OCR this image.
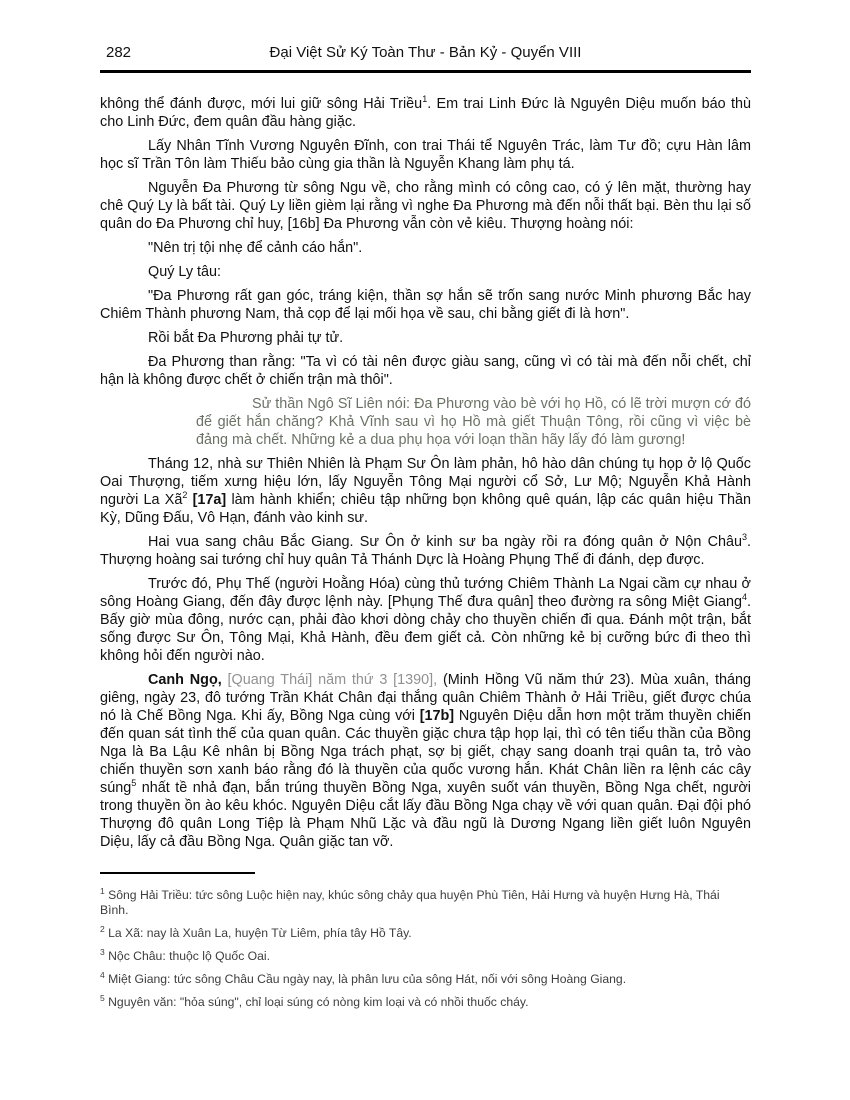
282	Đại Việt Sử Ký Toàn Thư - Bản Kỷ - Quyển VIII

không thể đánh được, mới lui giữ sông Hải Triều$^1$. Em trai Linh Đức là Nguyên Diệu muốn báo thù cho Linh Đức, đem quân đầu hàng giặc.

Lấy Nhân Tĩnh Vương Nguyên Đĩnh, con trai Thái tể Nguyên Trác, làm Tư đồ; cựu Hàn lâm học sĩ Trần Tôn làm Thiếu bảo cùng gia thần là Nguyễn Khang làm phụ tá.

Nguyễn Đa Phương từ sông Ngu về, cho rằng mình có công cao, có ý lên mặt, thường hay chê Quý Ly là bất tài. Quý Ly liền gièm lại rằng vì nghe Đa Phương mà đến nỗi thất bại. Bèn thu lại số quân do Đa Phương chỉ huy, [16b] Đa Phương vẫn còn vẻ kiêu. Thượng hoàng nói:

"Nên trị tội nhẹ để cảnh cáo hắn".

Quý Ly tâu:

"Đa Phương rất gan góc, tráng kiện, thần sợ hắn sẽ trốn sang nước Minh phương Bắc hay Chiêm Thành phương Nam, thả cọp để lại mối họa về sau, chi bằng giết đi là hơn".

Rồi bắt Đa Phương phải tự tử.

Đa Phương than rằng: "Ta vì có tài nên được giàu sang, cũng vì có tài mà đến nỗi chết, chỉ hận là không được chết ở chiến trận mà thôi".

Sử thần Ngô Sĩ Liên nói: Đa Phương vào bè với họ Hồ, có lẽ trời mượn cớ đó để giết hắn chăng? Khả Vĩnh sau vì họ Hồ mà giết Thuận Tông, rồi cũng vì việc bè đảng mà chết. Những kẻ a dua phụ họa với loạn thần hãy lấy đó làm gương!

Tháng 12, nhà sư Thiên Nhiên là Phạm Sư Ôn làm phản, hô hào dân chúng tụ họp ở lộ Quốc Oai Thượng, tiếm xưng hiệu lớn, lấy Nguyễn Tông Mại người cổ Sở, Lư Mộ; Nguyễn Khả Hành người La $Xã^2$ [17a] làm hành khiển; chiêu tập những bọn không quê quán, lập các quân hiệu Thần Kỳ, Dũng Đấu, Vô Hạn, đánh vào kinh sư.

Hai vua sang châu Bắc Giang. Sư Ôn ở kinh sư ba ngày rồi ra đóng quân ở Nộn Châu$^3$. Thượng hoàng sai tướng chỉ huy quân Tả Thánh Dực là Hoàng Phụng Thế đi đánh, dẹp được.

Trước đó, Phụ Thế (người Hoằng Hóa) cùng thủ tướng Chiêm Thành La Ngai cầm cự nhau ở sông Hoàng Giang, đến đây được lệnh này. [Phụng Thế đưa quân] theo đường ra sông Miệt Giang$^4$. Bấy giờ mùa đông, nước cạn, phải đào khơi dòng chảy cho thuyền chiến đi qua. Đánh một trận, bắt sống được Sư Ôn, Tông Mại, Khả Hành, đều đem giết cả. Còn những kẻ bị cưỡng bức đi theo thì không hỏi đến người nào.

Canh Ngọ, [Quang Thái] năm thứ 3 [1390], (Minh Hồng Vũ năm thứ 23). Mùa xuân, tháng giêng, ngày 23, đô tướng Trần Khát Chân đại thắng quân Chiêm Thành ở Hải Triều, giết được chúa nó là Chế Bồng Nga. Khi ấy, Bồng Nga cùng với [17b] Nguyên Diệu dẫn hơn một trăm thuyền chiến đến quan sát tình thế của quan quân. Các thuyền giặc chưa tập họp lại, thì có tên tiểu thần của Bồng Nga là Ba Lậu Kê nhân bị Bồng Nga trách phạt, sợ bị giết, chạy sang doanh trại quân ta, trỏ vào chiến thuyền sơn xanh báo rằng đó là thuyền của quốc vương hắn. Khát Chân liền ra lệnh các cây súng$^5$ nhất tề nhả đạn, bắn trúng thuyền Bồng Nga, xuyên suốt ván thuyền, Bồng Nga chết, người trong thuyền ồn ào kêu khóc. Nguyên Diệu cắt lấy đầu Bồng Nga chạy về với quan quân. Đại đội phó Thượng đô quân Long Tiệp là Phạm Nhũ Lặc và đầu ngũ là Dương Ngang liền giết luôn Nguyên Diệu, lấy cả đầu Bồng Nga. Quân giặc tan vỡ.

$^1$ Sông Hải Triều: tức sông Luộc hiện nay, khúc sông chảy qua huyện Phù Tiên, Hải Hưng và huyện Hưng Hà, Thái Bình.

$^2$ La Xã: nay là Xuân La, huyện Từ Liêm, phía tây Hồ Tây.

$^3$ Nộc Châu: thuộc lộ Quốc Oai.

$^4$ Miệt Giang: tức sông Châu Cầu ngày nay, là phân lưu của sông Hát, nối với sông Hoàng Giang.

$^5$ Nguyên văn: "hỏa súng", chỉ loại súng có nòng kim loại và có nhồi thuốc cháy.
